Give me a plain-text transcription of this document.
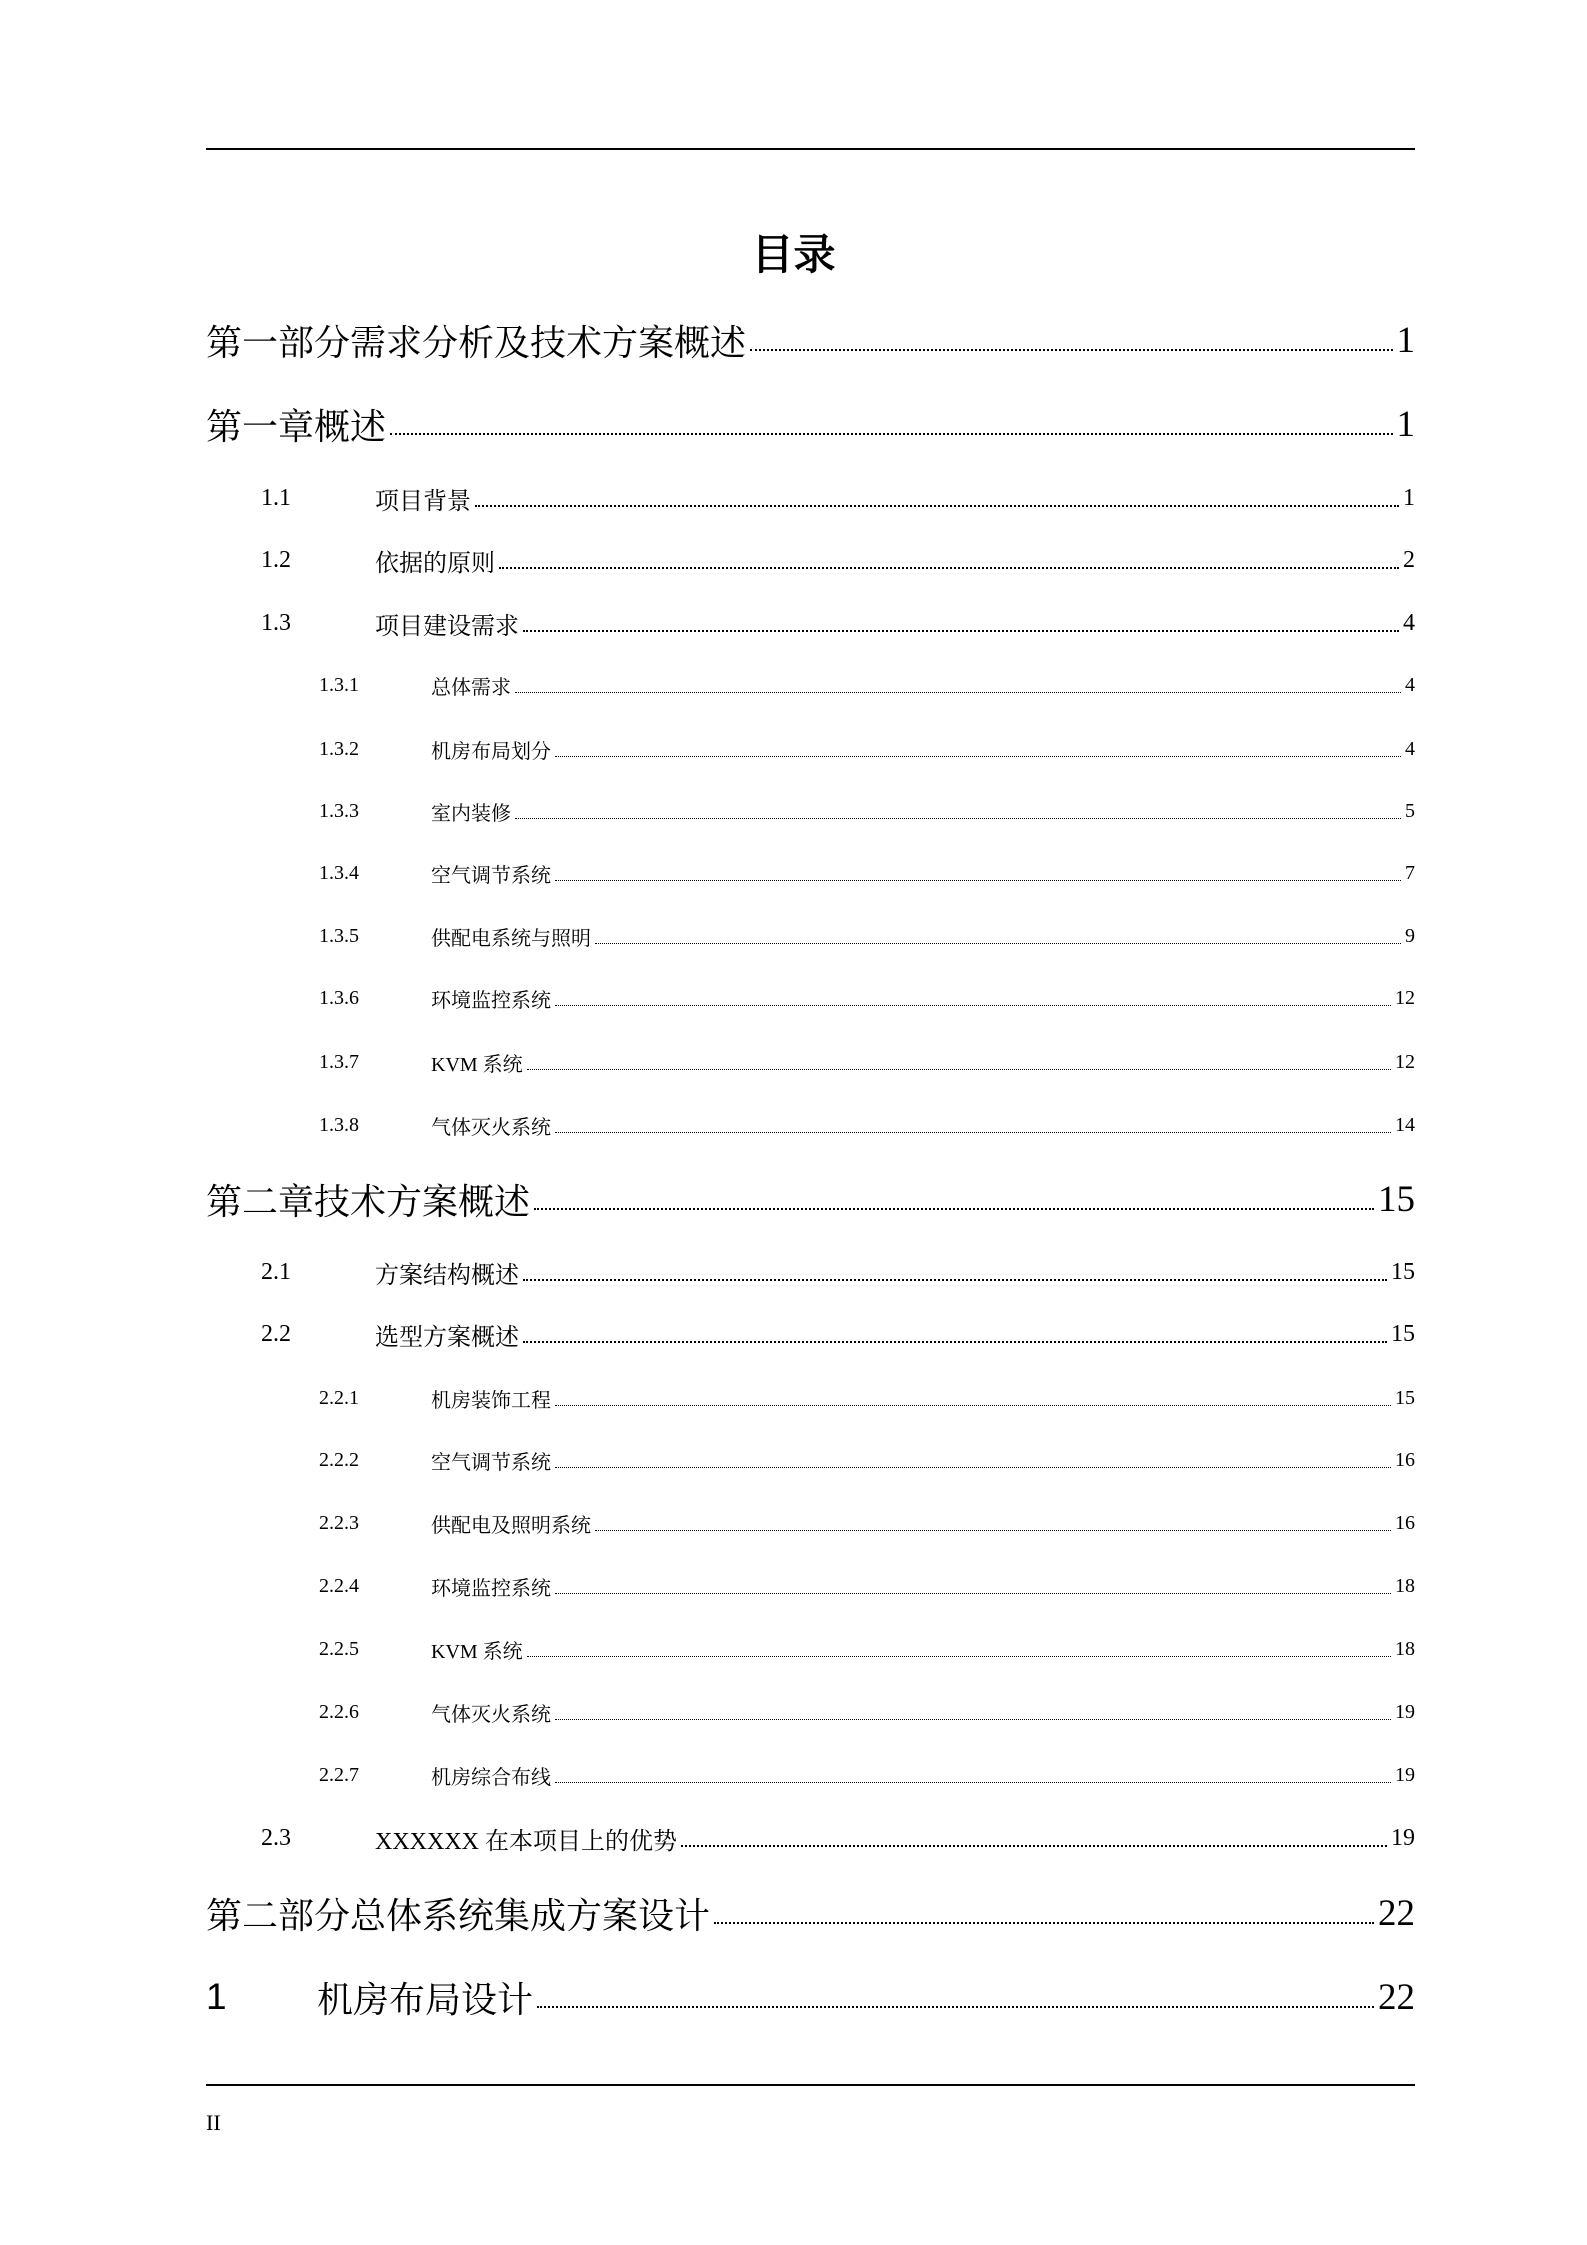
目录
第一部分需求分析及技术方案概述	1
第一章概述	1
1.1	项目背景	1
1.2	依据的原则	2
1.3	项目建设需求	4
1.3.1	总体需求	4
1.3.2	机房布局划分	4
1.3.3	室内装修	5
1.3.4	空气调节系统	7
1.3.5	供配电系统与照明	9
1.3.6	环境监控系统	12
1.3.7	KVM 系统	12
1.3.8	气体灭火系统	14
第二章技术方案概述	15
2.1	方案结构概述	15
2.2	选型方案概述	15
2.2.1	机房装饰工程	15
2.2.2	空气调节系统	16
2.2.3	供配电及照明系统	16
2.2.4	环境监控系统	18
2.2.5	KVM 系统	18
2.2.6	气体灭火系统	19
2.2.7	机房综合布线	19
2.3	XXXXXX 在本项目上的优势	19
第二部分总体系统集成方案设计	22
1	机房布局设计	22
II
